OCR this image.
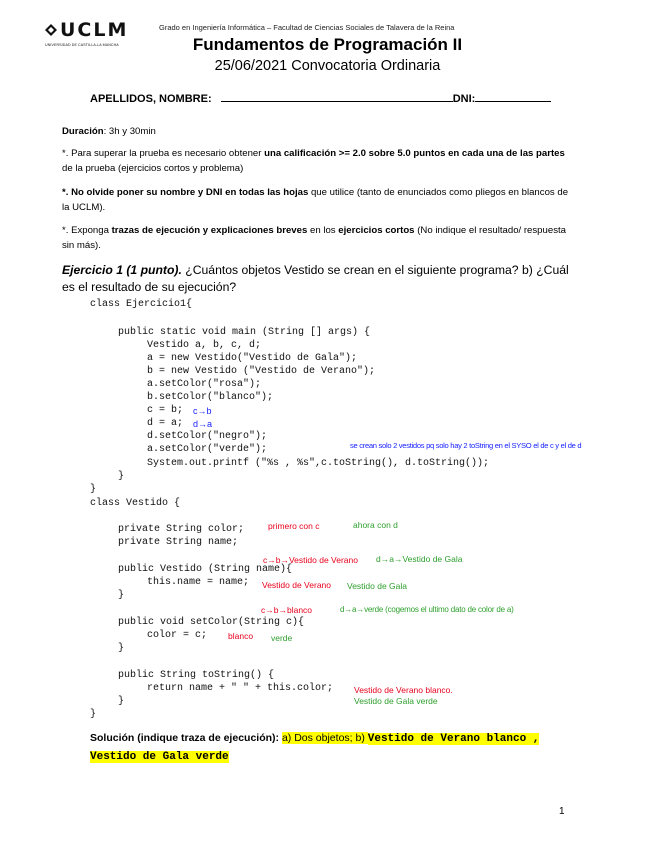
UCLM
UNIVERSIDAD DE CASTILLA-LA MANCHA
Grado en Ingeniería Informática – Facultad de Ciencias Sociales de Talavera de la Reina
Fundamentos de Programación II
25/06/2021 Convocatoria Ordinaria
APELLIDOS, NOMBRE:	DNI:
Duración: 3h y 30min
*. Para superar la prueba es necesario obtener una calificación >= 2.0 sobre 5.0 puntos en cada una de las partes de la prueba (ejercicios cortos y problema)
*. No olvide poner su nombre y DNI en todas las hojas que utilice (tanto de enunciados como pliegos en blancos de la UCLM).
*. Exponga trazas de ejecución y explicaciones breves en los ejercicios cortos (No indique el resultado/ respuesta sin más).
Ejercicio 1 (1 punto). ¿Cuántos objetos Vestido se crean en el siguiente programa? b) ¿Cuál es el resultado de su ejecución?
class Ejercicio1{
public static void main (String [] args) {
Vestido a, b, c, d;
a = new Vestido("Vestido de Gala");
b = new Vestido ("Vestido de Verano");
a.setColor("rosa");
b.setColor("blanco");
c = b;
d = a;
d.setColor("negro");
a.setColor("verde");
System.out.printf ("%s , %s",c.toString(), d.toString());
}
}
class Vestido {
private String color;
private String name;
public Vestido (String name){
this.name = name;
}
public void setColor(String c){
color = c;
}
public String toString() {
return name + " " + this.color;
}
}
c→b
d→a
se crean solo 2 vestidos pq solo hay 2 toString en el SYSO el de c y el de d
primero con c	ahora con d
c→b→Vestido de Verano d→a→Vestido de Gala
Vestido de Verano Vestido de Gala
c→b→blanco	d→a→verde (cogemos el ultimo dato de color de a)
blanco verde
Vestido de Verano blanco.
Vestido de Gala verde
Solución (indique traza de ejecución): a) Dos objetos; b) Vestido de Verano blanco , Vestido de Gala verde
1
